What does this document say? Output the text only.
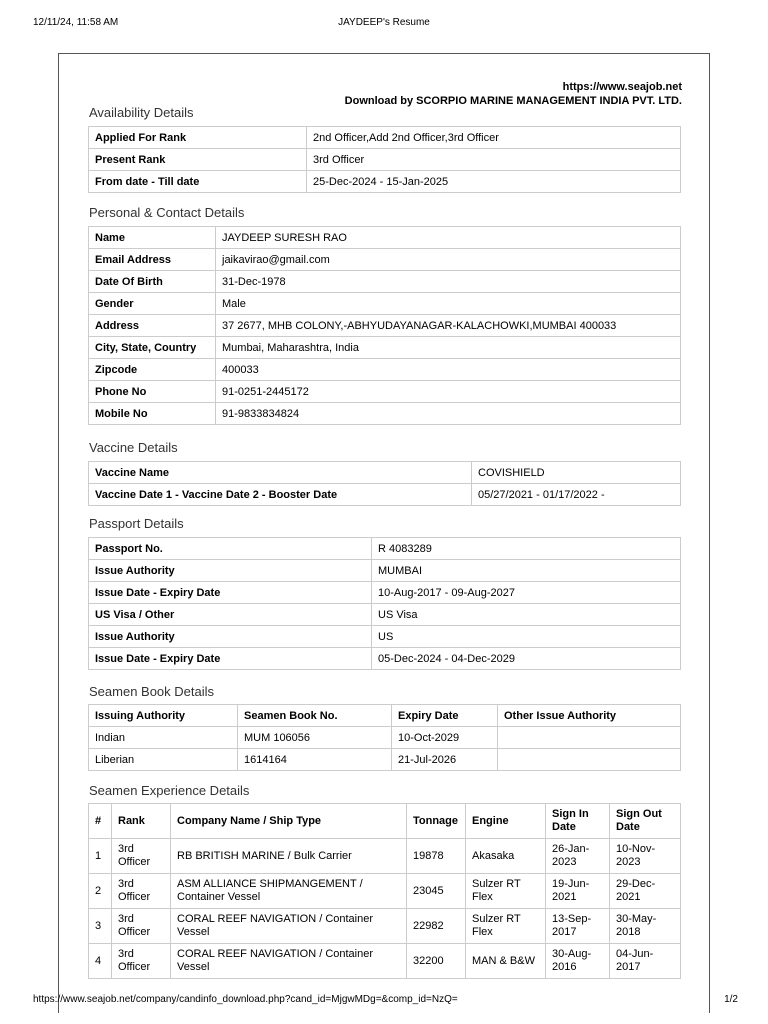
12/11/24, 11:58 AM	JAYDEEP's Resume
https://www.seajob.net
Download by SCORPIO MARINE MANAGEMENT INDIA PVT. LTD.
Availability Details
Applied For Rank	2nd Officer,Add 2nd Officer,3rd Officer
Present Rank	3rd Officer
From date - Till date	25-Dec-2024 - 15-Jan-2025
Personal & Contact Details
Name	JAYDEEP SURESH RAO
Email Address	jaikavirao@gmail.com
Date Of Birth	31-Dec-1978
Gender	Male
Address	37 2677, MHB COLONY,-ABHYUDAYANAGAR-KALACHOWKI,MUMBAI 400033
City, State, Country	Mumbai, Maharashtra, India
Zipcode	400033
Phone No	91-0251-2445172
Mobile No	91-9833834824
Vaccine Details
Vaccine Name	COVISHIELD
Vaccine Date 1 - Vaccine Date 2 - Booster Date	05/27/2021 - 01/17/2022 -
Passport Details
Passport No.	R 4083289
Issue Authority	MUMBAI
Issue Date - Expiry Date	10-Aug-2017 - 09-Aug-2027
US Visa / Other	US Visa
Issue Authority	US
Issue Date - Expiry Date	05-Dec-2024 - 04-Dec-2029
Seamen Book Details
Issuing Authority	Seamen Book No.	Expiry Date	Other Issue Authority
Indian	MUM 106056	10-Oct-2029	
Liberian	1614164	21-Jul-2026	
Seamen Experience Details
#	Rank	Company Name / Ship Type	Tonnage	Engine	Sign In Date	Sign Out Date
1	3rd Officer	RB BRITISH MARINE / Bulk Carrier	19878	Akasaka	26-Jan-2023	10-Nov-2023
2	3rd Officer	ASM ALLIANCE SHIPMANGEMENT / Container Vessel	23045	Sulzer RT Flex	19-Jun-2021	29-Dec-2021
3	3rd Officer	CORAL REEF NAVIGATION / Container Vessel	22982	Sulzer RT Flex	13-Sep-2017	30-May-2018
4	3rd Officer	CORAL REEF NAVIGATION / Container Vessel	32200	MAN & B&W	30-Aug-2016	04-Jun-2017
https://www.seajob.net/company/candinfo_download.php?cand_id=MjgwMDg=&comp_id=NzQ=	1/2
